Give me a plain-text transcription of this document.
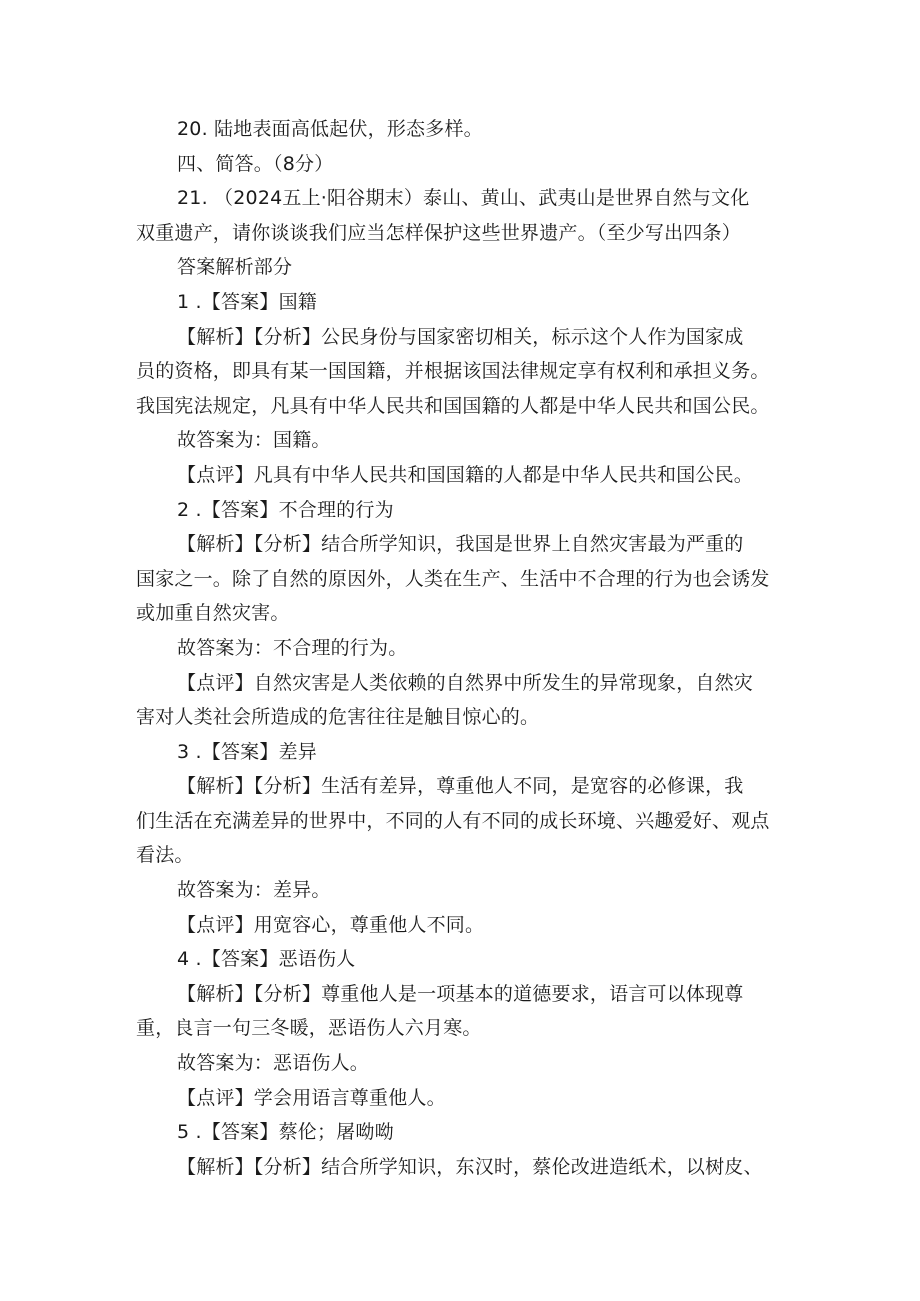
20. 陆地表面高低起伏，形态多样。
四、简答。（8分）
21. （2024五上·阳谷期末）泰山、黄山、武夷山是世界自然与文化
双重遗产，请你谈谈我们应当怎样保护这些世界遗产。（至少写出四条）
答案解析部分
1 .【答案】国籍
【解析】【分析】公民身份与国家密切相关，标示这个人作为国家成
员的资格，即具有某一国国籍，并根据该国法律规定享有权利和承担义务。
我国宪法规定，凡具有中华人民共和国国籍的人都是中华人民共和国公民。
故答案为：国籍。
【点评】凡具有中华人民共和国国籍的人都是中华人民共和国公民。
2 .【答案】不合理的行为
【解析】【分析】结合所学知识，我国是世界上自然灾害最为严重的
国家之一。除了自然的原因外，人类在生产、生活中不合理的行为也会诱发
或加重自然灾害。
故答案为：不合理的行为。
【点评】自然灾害是人类依赖的自然界中所发生的异常现象，自然灾
害对人类社会所造成的危害往往是触目惊心的。
3 .【答案】差异
【解析】【分析】生活有差异，尊重他人不同，是宽容的必修课，我
们生活在充满差异的世界中，不同的人有不同的成长环境、兴趣爱好、观点
看法。
故答案为：差异。
【点评】用宽容心，尊重他人不同。
4 .【答案】恶语伤人
【解析】【分析】尊重他人是一项基本的道德要求，语言可以体现尊
重，良言一句三冬暖，恶语伤人六月寒。
故答案为：恶语伤人。
【点评】学会用语言尊重他人。
5 .【答案】蔡伦；屠呦呦
【解析】【分析】结合所学知识，东汉时，蔡伦改进造纸术，以树皮、
